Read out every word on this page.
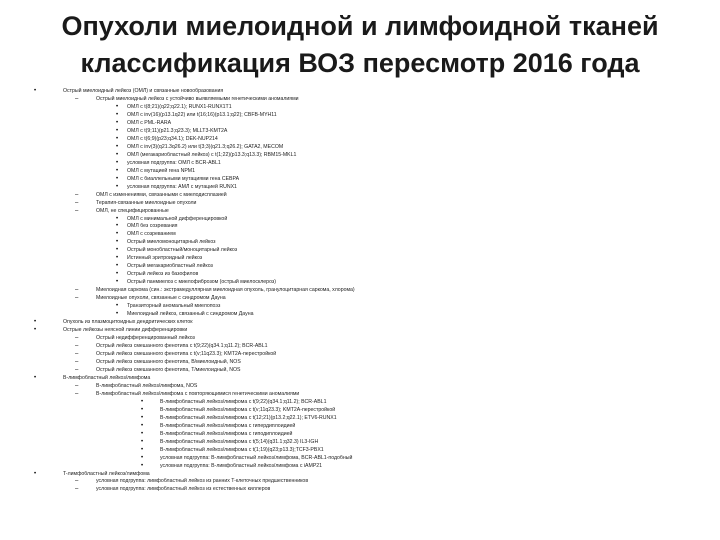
Опухоли миелоидной и лимфоидной тканей
классификация ВОЗ пересмотр 2016 года
•	Острый миелоидный лейкоз (ОМЛ) и связанные новообразования
–	Острый миелоидный лейкоз с устойчиво выявляемыми генетическими аномалиями
• ОМЛ с t(8;21)(q22;q22.1); RUNX1-RUNX1T1
• ОМЛ с inv(16)(p13.1q22) или t(16;16)(p13.1;q22); CBFB-MYH11
• ОМЛ с PML-RARA
• ОМЛ с t(9;11)(p21.3;q23.3); MLLT3-KMT2A
• ОМЛ с t(6;9)(p23;q34.1); DEK-NUP214
• ОМЛ с inv(3)(q21.3q26.2) или t(3;3)(q21.3;q26.2); GATA2, MECOM
• ОМЛ (мегакариобластный лейкоз) с t(1;22)(p13.3;q13.3); RBM15-MKL1
• условная подгруппа: ОМЛ с BCR-ABL1
• ОМЛ с мутацией гена NPM1
• ОМЛ с биаллельными мутациями гена CEBPA
• условная подгруппа: АМЛ с мутацией RUNX1
–	ОМЛ с изменениями, связанными с миелодисплазией
–	Терапия-связанные миелоидные опухоли
–	ОМЛ, не специфицированные
• ОМЛ с минимальной дифференцировкой
• ОМЛ без созревания
• ОМЛ с созреванием
• Острый миеломоноцитарный лейкоз
• Острый монобластный/моноцитарный лейкоз
• Истинный эритроидный лейкоз
• Острый мегакариобластный лейкоз
• Острый лейкоз из базофилов
• Острый панмиелоз с миелофиброзом (острый миелосклероз)
–	Миелоидная саркома (син.: экстрамедуллярная миелоидная опухоль, гранулоцитарная саркома, хлорома)
–	Миелоидные опухоли, связанные с синдромом Дауна
• Транзиторный аномальный миелопоэз
• Миелоидный лейкоз, связанный с синдромом Дауна
•	Опухоль из плазмоцитоидных дендритических клеток
•	Острые лейкозы неясной линии дифференцировки
–	Острый недифференцированный лейкоз
–	Острый лейкоз смешанного фенотипа с t(9;22)(q34.1;q11.2); BCR-ABL1
–	Острый лейкоз смешанного фенотипа с t(v;11q23.3); KMT2A-перестройкой
–	Острый лейкоз смешанного фенотипа, B/миелоидный, NOS
–	Острый лейкоз смешанного фенотипа, T/миелоидный, NOS
•	B-лимфобластный лейкоз/лимфома
–	B-лимфобластный лейкоз/лимфома, NOS
–	B-лимфобластный лейкоз/лимфома с повторяющимися генетическими аномалиями
•	B-лимфобластный лейкоз/лимфома с t(9;22)(q34.1;q11.2); BCR-ABL1
•	B-лимфобластный лейкоз/лимфома с t(v;11q23.3); KMT2A-перестройкой
•	B-лимфобластный лейкоз/лимфома с t(12;21)(p13.2;q22.1); ETV6-RUNX1
•	B-лимфобластный лейкоз/лимфома с гипердиплоидией
•	B-лимфобластный лейкоз/лимфома с гиподиплоидией
•	B-лимфобластный лейкоз/лимфома с t(5;14)(q31.1;q32.3) IL3-IGH
•	B-лимфобластный лейкоз/лимфома с t(1;19)(q23;p13.3);TCF3-PBX1
•	условная подгруппа: B-лимфобластный лейкоз/лимфома, BCR-ABL1-подобный
•	условная подгруппа: B-лимфобластный лейкоз/лимфома с iAMP21
•	T-лимфобластный лейкоз/лимфома
–	условная подгруппа: лимфобластный лейкоз из ранних T-клеточных предшественников
–	условная подгруппа: лимфобластный лейкоз из естественных киллеров
